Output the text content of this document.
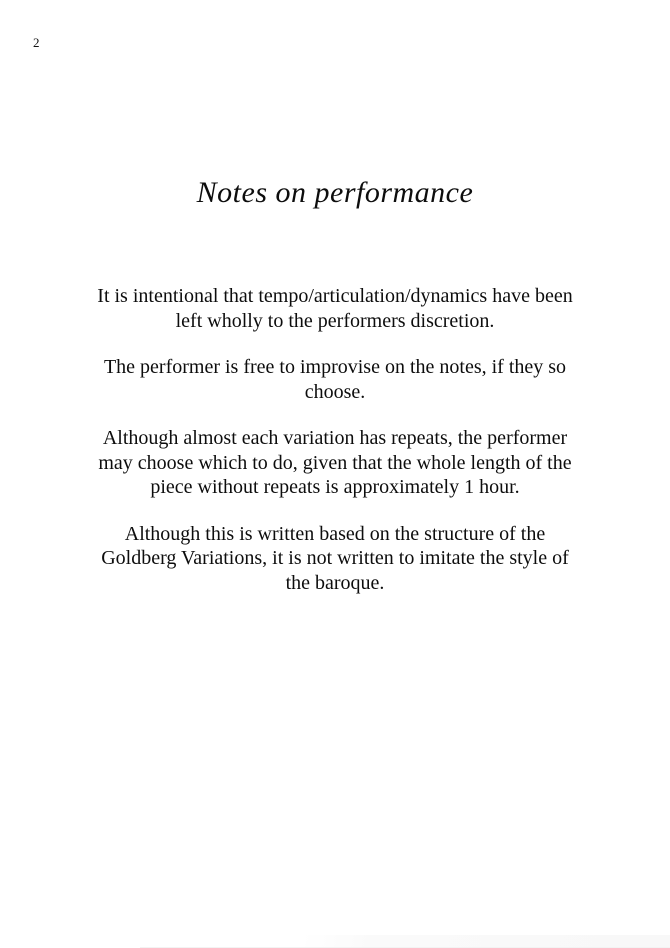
2
Notes on performance
It is intentional that tempo/articulation/dynamics have been
left wholly to the performers discretion.
The performer is free to improvise on the notes, if they so
choose.
Although almost each variation has repeats, the performer
may choose which to do, given that the whole length of the
piece without repeats is approximately 1 hour.
Although this is written based on the structure of the
Goldberg Variations, it is not written to imitate the style of
the baroque.
